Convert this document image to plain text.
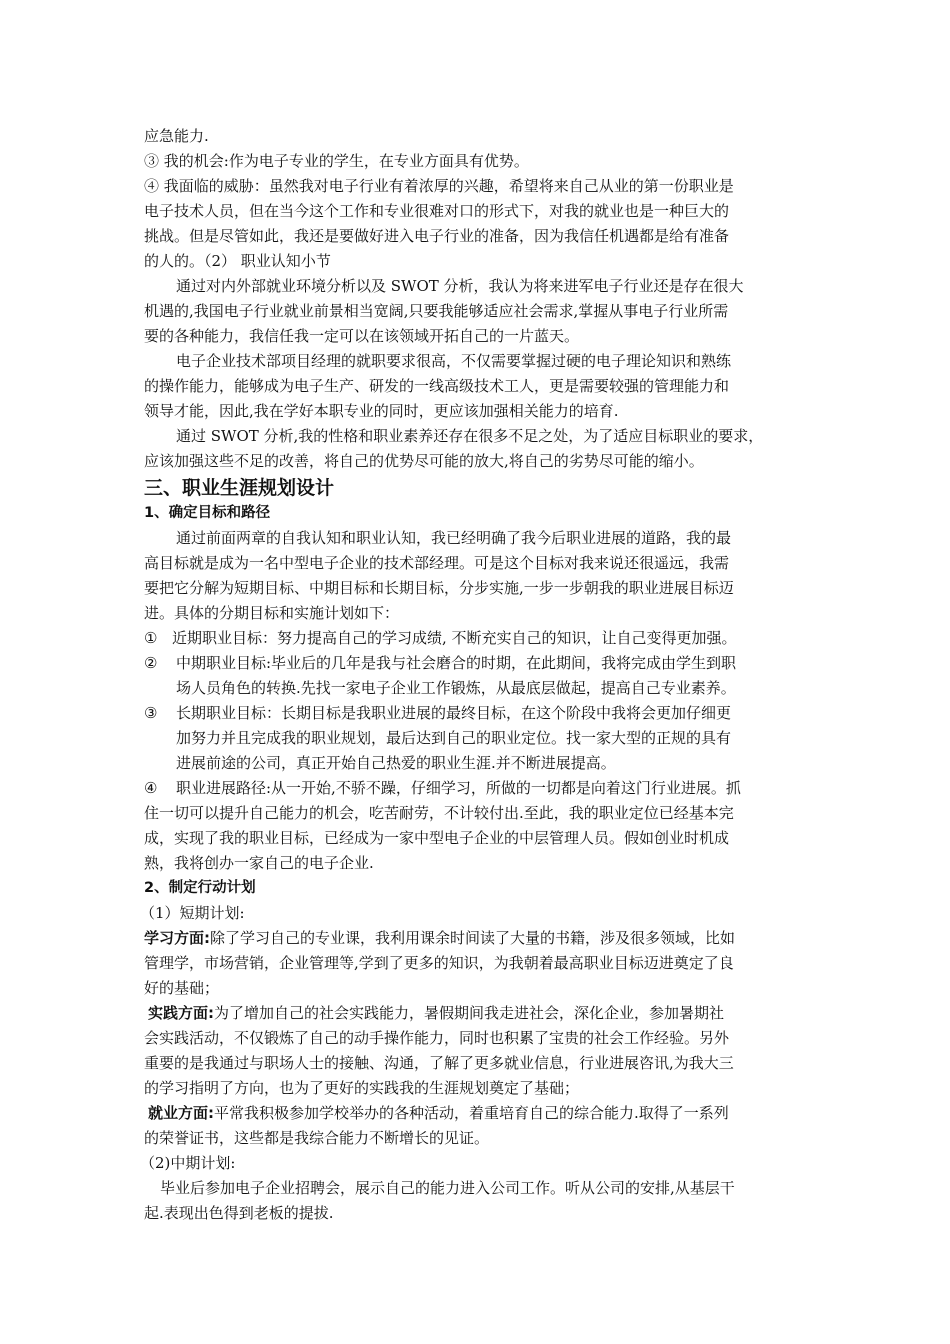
应急能力.
③ 我的机会:作为电子专业的学生，在专业方面具有优势。
④ 我面临的威胁：虽然我对电子行业有着浓厚的兴趣，希望将来自己从业的第一份职业是
电子技术人员，但在当今这个工作和专业很难对口的形式下，对我的就业也是一种巨大的
挑战。但是尽管如此，我还是要做好进入电子行业的准备，因为我信任机遇都是给有准备
的人的。（2） 职业认知小节
通过对内外部就业环境分析以及 SWOT 分析，我认为将来进军电子行业还是存在很大
机遇的,我国电子行业就业前景相当宽阔,只要我能够适应社会需求,掌握从事电子行业所需
要的各种能力，我信任我一定可以在该领域开拓自己的一片蓝天。
电子企业技术部项目经理的就职要求很高，不仅需要掌握过硬的电子理论知识和熟练
的操作能力，能够成为电子生产、研发的一线高级技术工人，更是需要较强的管理能力和
领导才能，因此,我在学好本职专业的同时，更应该加强相关能力的培育.
通过 SWOT 分析,我的性格和职业素养还存在很多不足之处，为了适应目标职业的要求，
应该加强这些不足的改善，将自己的优势尽可能的放大,将自己的劣势尽可能的缩小。
三、职业生涯规划设计
1、确定目标和路径
通过前面两章的自我认知和职业认知，我已经明确了我今后职业进展的道路，我的最
高目标就是成为一名中型电子企业的技术部经理。可是这个目标对我来说还很遥远，我需
要把它分解为短期目标、中期目标和长期目标，分步实施,一步一步朝我的职业进展目标迈
进。具体的分期目标和实施计划如下：
① 近期职业目标：努力提高自己的学习成绩, 不断充实自己的知识，让自己变得更加强。
② 中期职业目标:毕业后的几年是我与社会磨合的时期，在此期间，我将完成由学生到职
场人员角色的转换.先找一家电子企业工作锻炼，从最底层做起，提高自己专业素养。
③ 长期职业目标：长期目标是我职业进展的最终目标，在这个阶段中我将会更加仔细更
加努力并且完成我的职业规划，最后达到自己的职业定位。找一家大型的正规的具有
进展前途的公司，真正开始自己热爱的职业生涯.并不断进展提高。
④ 职业进展路径:从一开始,不骄不躁，仔细学习，所做的一切都是向着这门行业进展。抓
住一切可以提升自己能力的机会，吃苦耐劳，不计较付出.至此，我的职业定位已经基本完
成，实现了我的职业目标，已经成为一家中型电子企业的中层管理人员。假如创业时机成
熟，我将创办一家自己的电子企业.
2、制定行动计划
（1）短期计划:
学习方面:除了学习自己的专业课，我利用课余时间读了大量的书籍，涉及很多领域，比如
管理学，市场营销，企业管理等,学到了更多的知识，为我朝着最高职业目标迈进奠定了良
好的基础；
实践方面:为了增加自己的社会实践能力，暑假期间我走进社会，深化企业，参加暑期社
会实践活动，不仅锻炼了自己的动手操作能力，同时也积累了宝贵的社会工作经验。另外
重要的是我通过与职场人士的接触、沟通，了解了更多就业信息，行业进展咨讯,为我大三
的学习指明了方向，也为了更好的实践我的生涯规划奠定了基础；
就业方面:平常我积极参加学校举办的各种活动，着重培育自己的综合能力.取得了一系列
的荣誉证书，这些都是我综合能力不断增长的见证。
（2)中期计划:
毕业后参加电子企业招聘会，展示自己的能力进入公司工作。听从公司的安排,从基层干
起.表现出色得到老板的提拔.
